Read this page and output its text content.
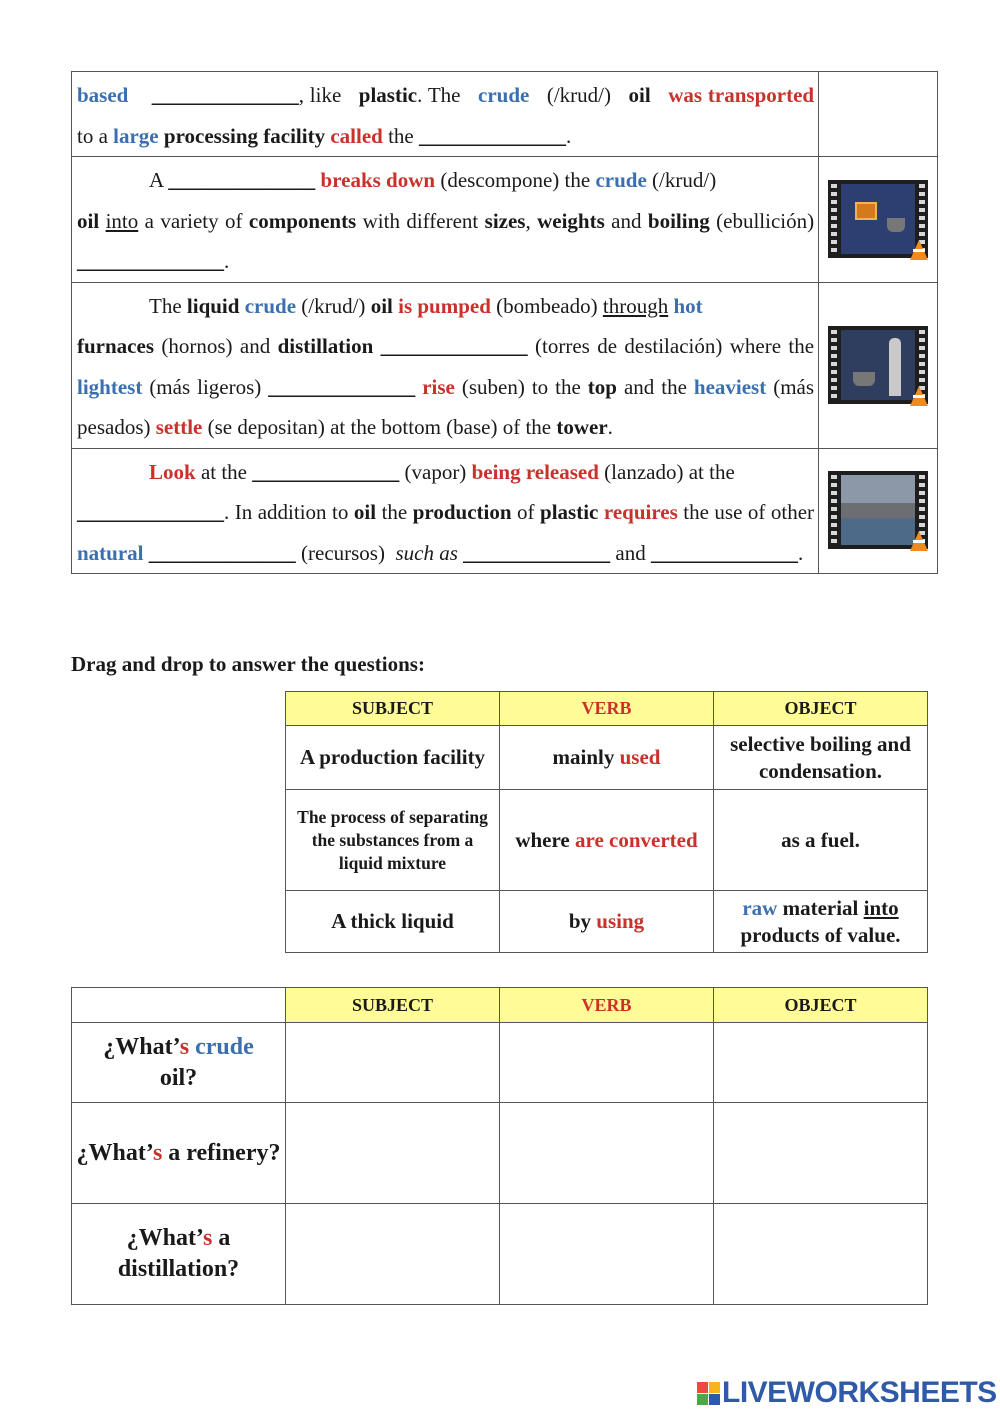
based ______________, like plastic. The crude (/krud/) oil was transported to a large processing facility called the ______________.	

A ______________ breaks down (descompone) the crude (/krud/)
oil into a variety of components with different sizes, weights and boiling (ebullición) ______________.	

The liquid crude (/krud/) oil is pumped (bombeado) through hot
furnaces (hornos) and distillation ______________ (torres de destilación) where the lightest (más ligeros) ______________ rise (suben) to the top and the heaviest (más pesados) settle (se depositan) at the bottom (base) of the tower.	

Look at the ______________ (vapor) being released (lanzado) at the
______________. In addition to oil the production of plastic requires the use of other natural ______________ (recursos) such as ______________ and ______________.	

Drag and drop to answer the questions:
SUBJECT	VERB	OBJECT
A production facility	mainly used	selective boiling and condensation.
The process of separating the substances from a liquid mixture	where are converted	as a fuel.
A thick liquid	by using	raw material into products of value.
	SUBJECT	VERB	OBJECT
¿What’s crude
oil?			
¿What’s a refinery?			
¿What’s a distillation?			
LIVEWORKSHEETS
